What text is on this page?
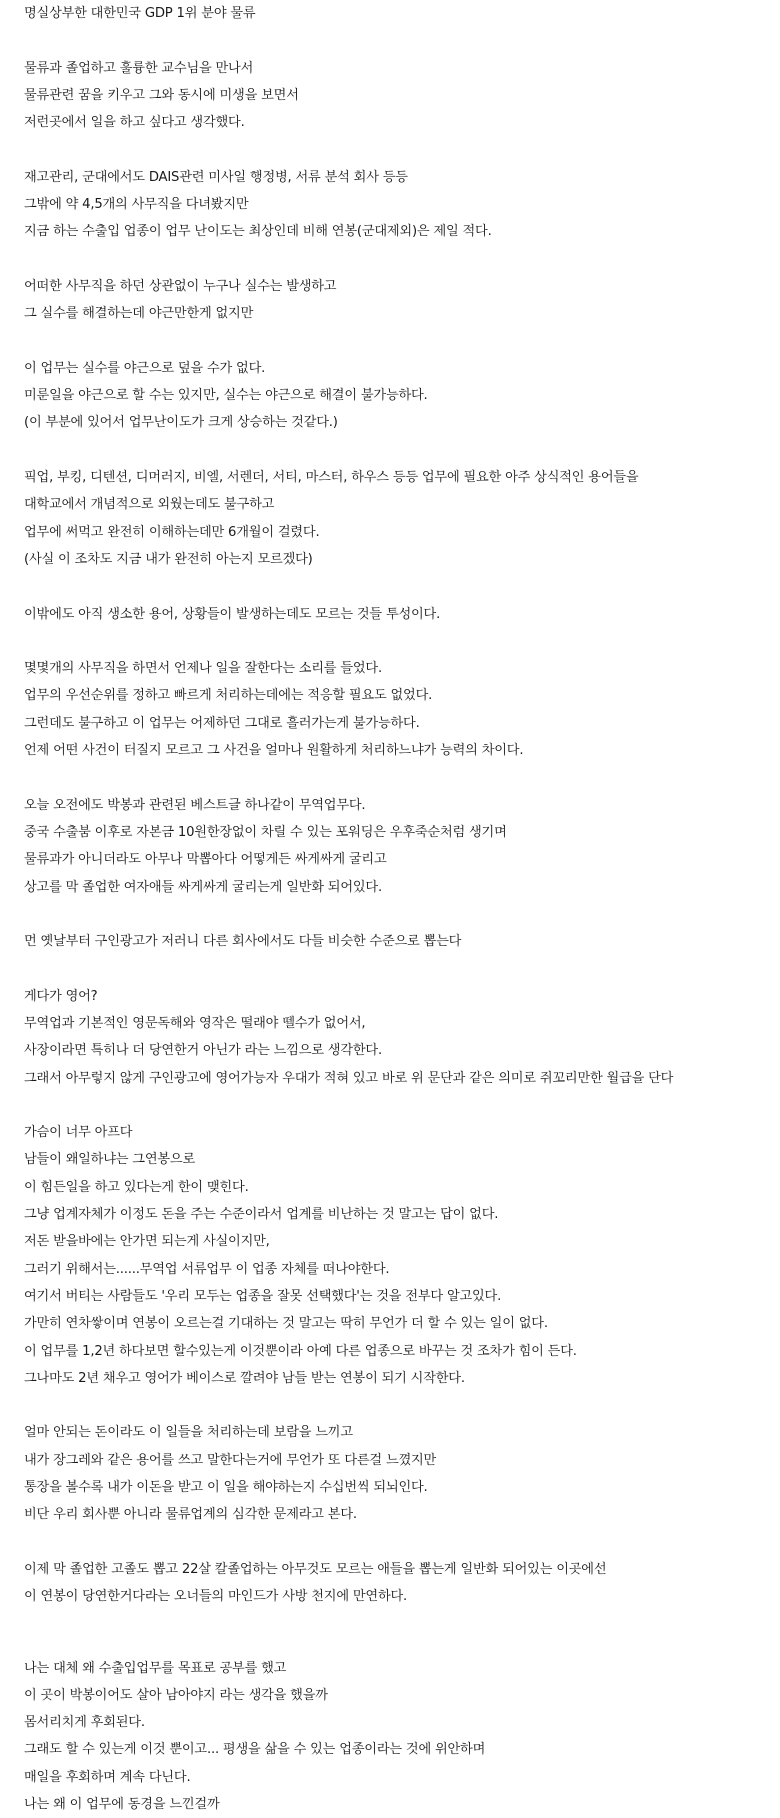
명실상부한 대한민국 GDP 1위 분야 물류
물류과 졸업하고 훌륭한 교수님을 만나서
물류관련 꿈을 키우고 그와 동시에 미생을 보면서
저런곳에서 일을 하고 싶다고 생각했다.
재고관리, 군대에서도 DAIS관련 미사일 행정병, 서류 분석 회사 등등
그밖에 약 4,5개의 사무직을 다녀봤지만
지금 하는 수출입 업종이 업무 난이도는 최상인데 비해 연봉(군대제외)은 제일 적다.
어떠한 사무직을 하던 상관없이 누구나 실수는 발생하고
그 실수를 해결하는데 야근만한게 없지만
이 업무는 실수를 야근으로 덮을 수가 없다.
미룬일을 야근으로 할 수는 있지만, 실수는 야근으로 해결이 불가능하다.
(이 부분에 있어서 업무난이도가 크게 상승하는 것같다.)
픽업, 부킹, 디텐션, 디머러지, 비엘, 서렌더, 서티, 마스터, 하우스 등등 업무에 필요한 아주 상식적인 용어들을
대학교에서 개념적으로 외웠는데도 불구하고
업무에 써먹고 완전히 이해하는데만 6개월이 걸렸다.
(사실 이 조차도 지금 내가 완전히 아는지 모르겠다)
이밖에도 아직 생소한 용어, 상황들이 발생하는데도 모르는 것들 투성이다.
몇몇개의 사무직을 하면서 언제나 일을 잘한다는 소리를 들었다.
업무의 우선순위를 정하고 빠르게 처리하는데에는 적응할 필요도 없었다.
그런데도 불구하고 이 업무는 어제하던 그대로 흘러가는게 불가능하다.
언제 어떤 사건이 터질지 모르고 그 사건을 얼마나 원활하게 처리하느냐가 능력의 차이다.
오늘 오전에도 박봉과 관련된 베스트글 하나같이 무역업무다.
중국 수출붐 이후로 자본금 10원한장없이 차릴 수 있는 포워딩은 우후죽순처럼 생기며
물류과가 아니더라도 아무나 막뽑아다 어떻게든 싸게싸게 굴리고
상고를 막 졸업한 여자애들 싸게싸게 굴리는게 일반화 되어있다.
먼 옛날부터 구인광고가 저러니 다른 회사에서도 다들 비슷한 수준으로 뽑는다
게다가 영어?
무역업과 기본적인 영문독해와 영작은 떨래야 뗄수가 없어서,
사장이라면 특히나 더 당연한거 아닌가 라는 느낌으로 생각한다.
그래서 아무렇지 않게 구인광고에 영어가능자 우대가 적혀 있고 바로 위 문단과 같은 의미로 쥐꼬리만한 월급을 단다
가슴이 너무 아프다
남들이 왜일하냐는 그연봉으로
이 힘든일을 하고 있다는게 한이 맺힌다.
그냥 업계자체가 이정도 돈을 주는 수준이라서 업계를 비난하는 것 말고는 답이 없다.
저돈 받을바에는 안가면 되는게 사실이지만,
그러기 위해서는......무역업 서류업무 이 업종 자체를 떠나야한다.
여기서 버티는 사람들도 '우리 모두는 업종을 잘못 선택했다'는 것을 전부다 알고있다.
가만히 연차쌓이며 연봉이 오르는걸 기대하는 것 말고는 딱히 무언가 더 할 수 있는 일이 없다.
이 업무를 1,2년 하다보면 할수있는게 이것뿐이라 아예 다른 업종으로 바꾸는 것 조차가 힘이 든다.
그나마도 2년 채우고 영어가 베이스로 깔려야 남들 받는 연봉이 되기 시작한다.
얼마 안되는 돈이라도 이 일들을 처리하는데 보람을 느끼고
내가 장그레와 같은 용어를 쓰고 말한다는거에 무언가 또 다른걸 느꼈지만
통장을 볼수록 내가 이돈을 받고 이 일을 해야하는지 수십번씩 되뇌인다.
비단 우리 회사뿐 아니라 물류업계의 심각한 문제라고 본다.
이제 막 졸업한 고졸도 뽑고 22살 칼졸업하는 아무것도 모르는 애들을 뽑는게 일반화 되어있는 이곳에선
이 연봉이 당연한거다라는 오너들의 마인드가 사방 천지에 만연하다.
나는 대체 왜 수출입업무를 목표로 공부를 했고
이 곳이 박봉이어도 살아 남아야지 라는 생각을 했을까
몸서리치게 후회된다.
그래도 할 수 있는게 이것 뿐이고... 평생을 삶을 수 있는 업종이라는 것에 위안하며
매일을 후회하며 계속 다닌다.
나는 왜 이 업무에 동경을 느낀걸까
